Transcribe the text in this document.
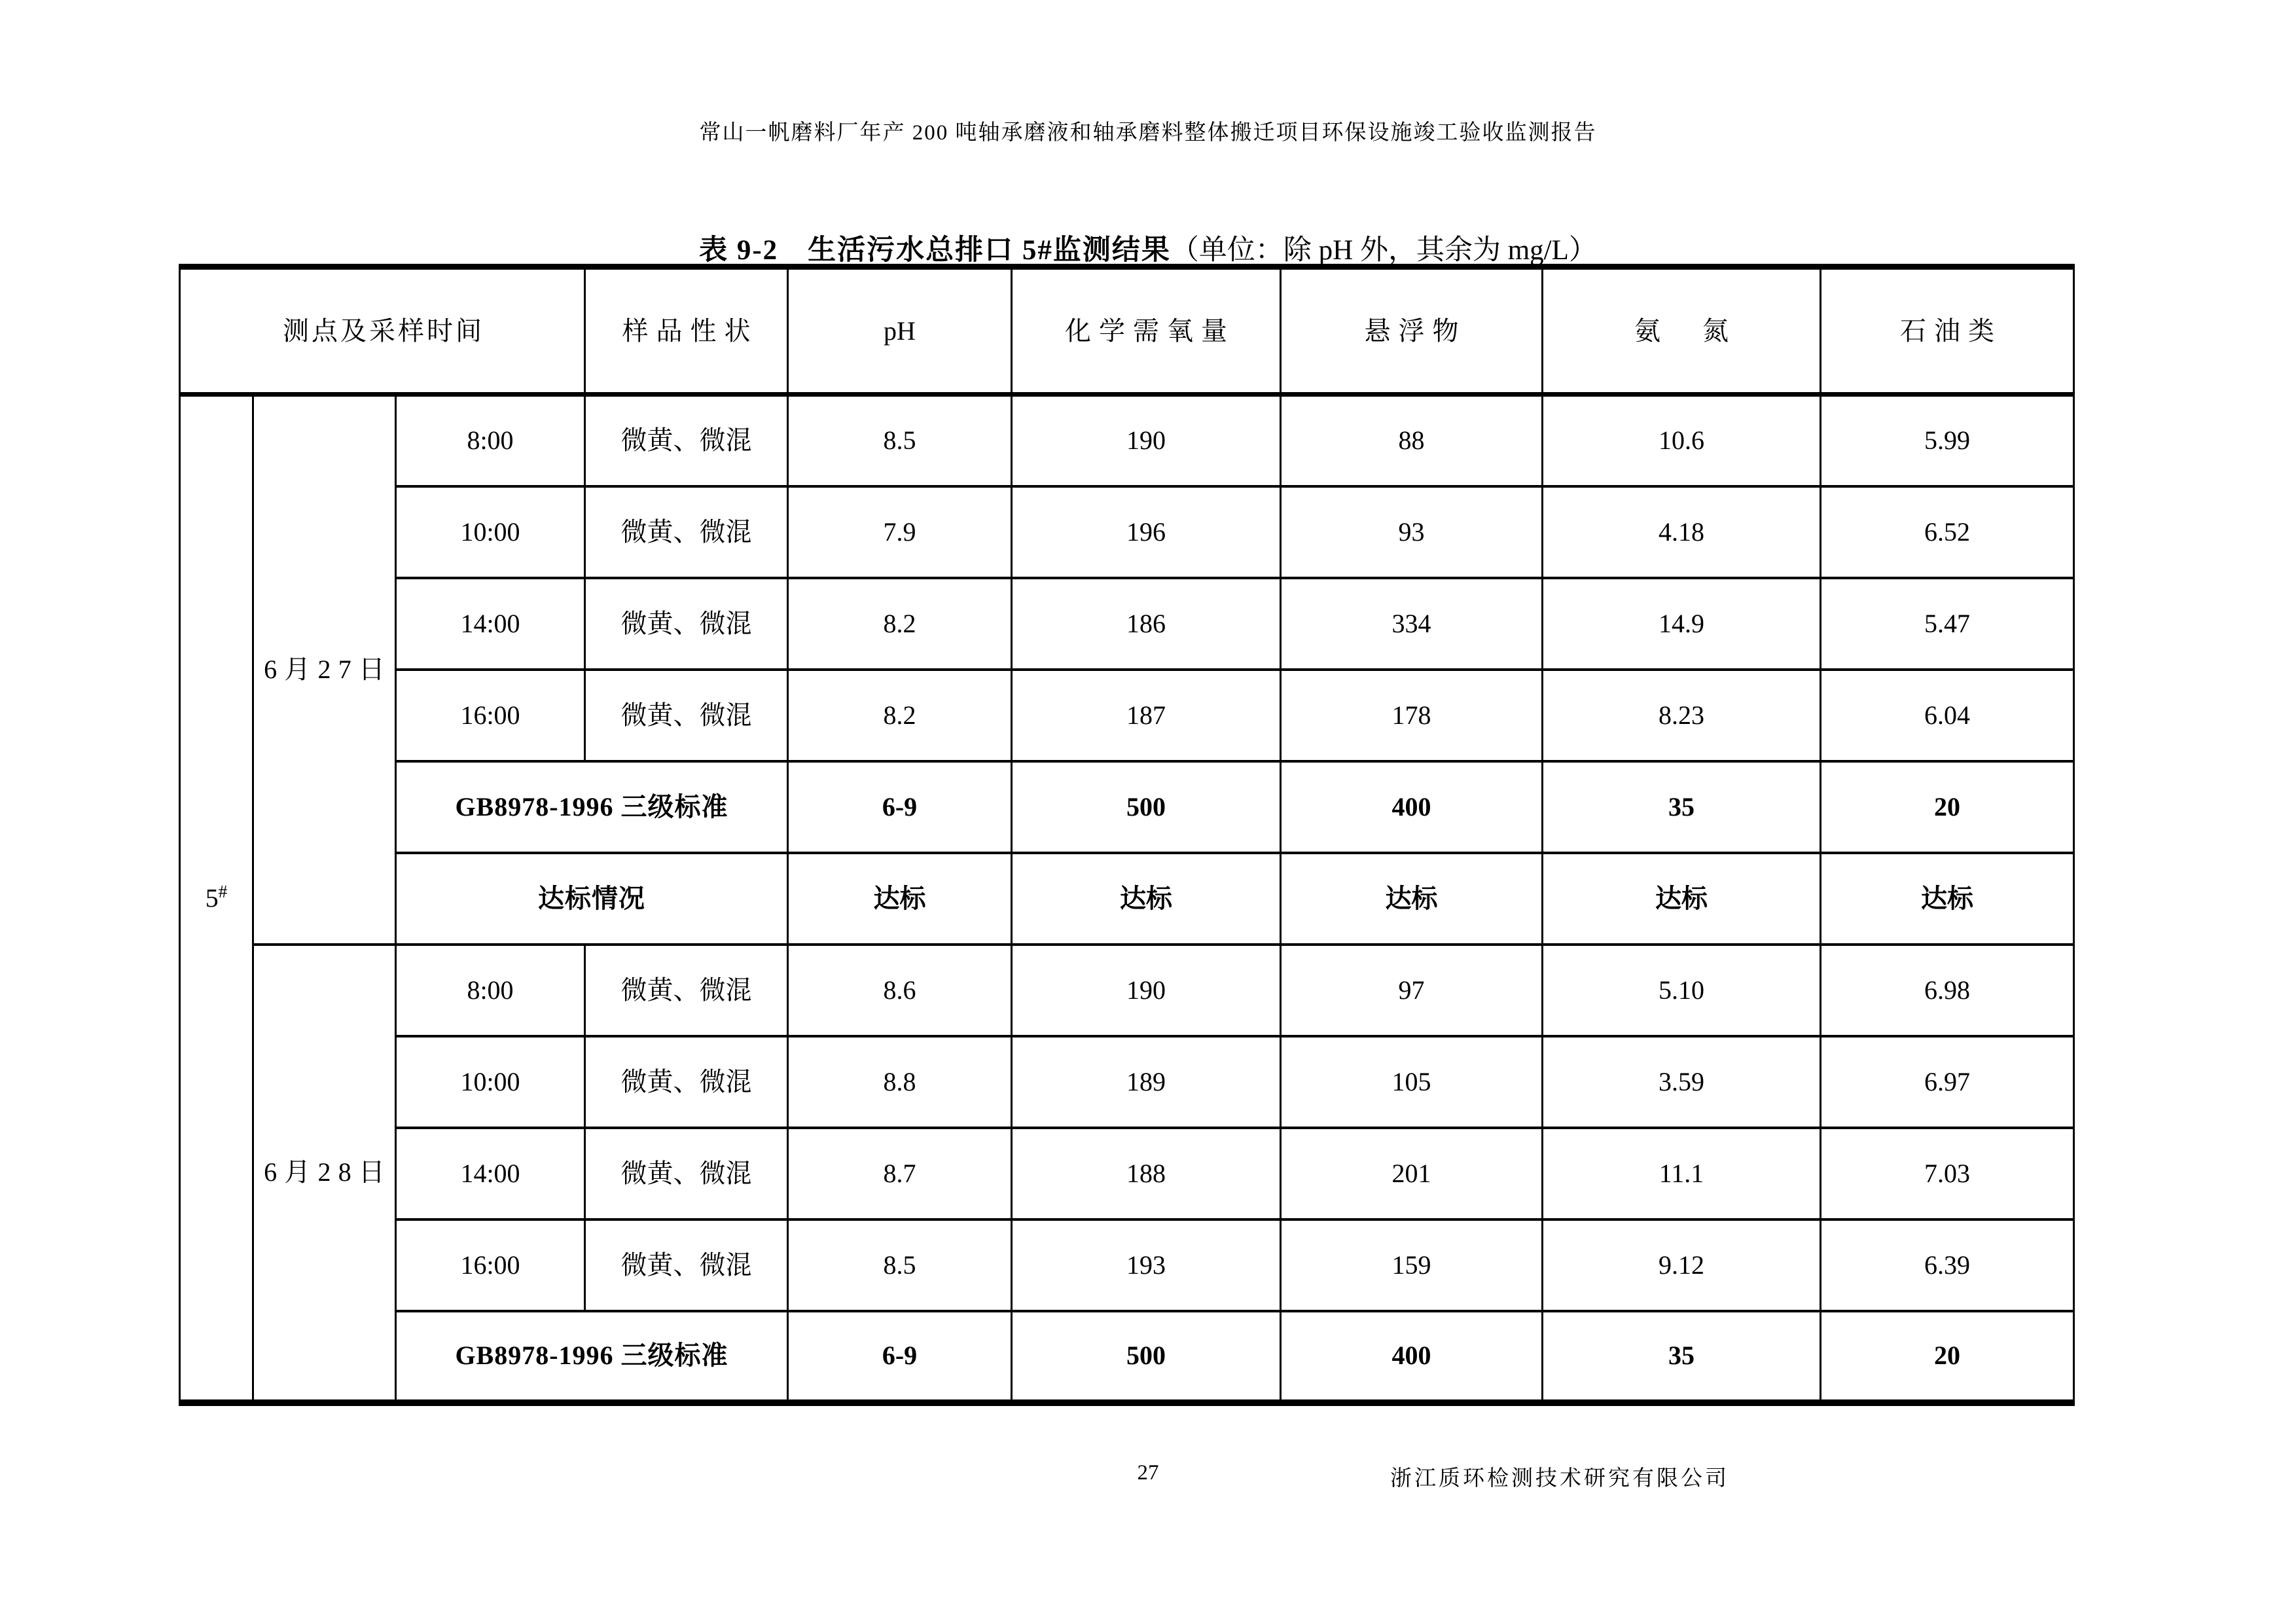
常山一帆磨料厂年产 200 吨轴承磨液和轴承磨料整体搬迁项目环保设施竣工验收监测报告
表 9-2　生活污水总排口 5#监测结果（单位：除 pH 外，其余为 mg/L）
测点及采样时间			样品性状	pH	化学需氧量	悬浮物	氨　氮	石油类
5#	6月27日	8:00	微黄、微混	8.5	190	88	10.6	5.99
		10:00	微黄、微混	7.9	196	93	4.18	6.52
		14:00	微黄、微混	8.2	186	334	14.9	5.47
		16:00	微黄、微混	8.2	187	178	8.23	6.04
		GB8978-1996 三级标准		6-9	500	400	35	20
		达标情况		达标	达标	达标	达标	达标
	6月28日	8:00	微黄、微混	8.6	190	97	5.10	6.98
		10:00	微黄、微混	8.8	189	105	3.59	6.97
		14:00	微黄、微混	8.7	188	201	11.1	7.03
		16:00	微黄、微混	8.5	193	159	9.12	6.39
		GB8978-1996 三级标准		6-9	500	400	35	20
27	浙江质环检测技术研究有限公司
